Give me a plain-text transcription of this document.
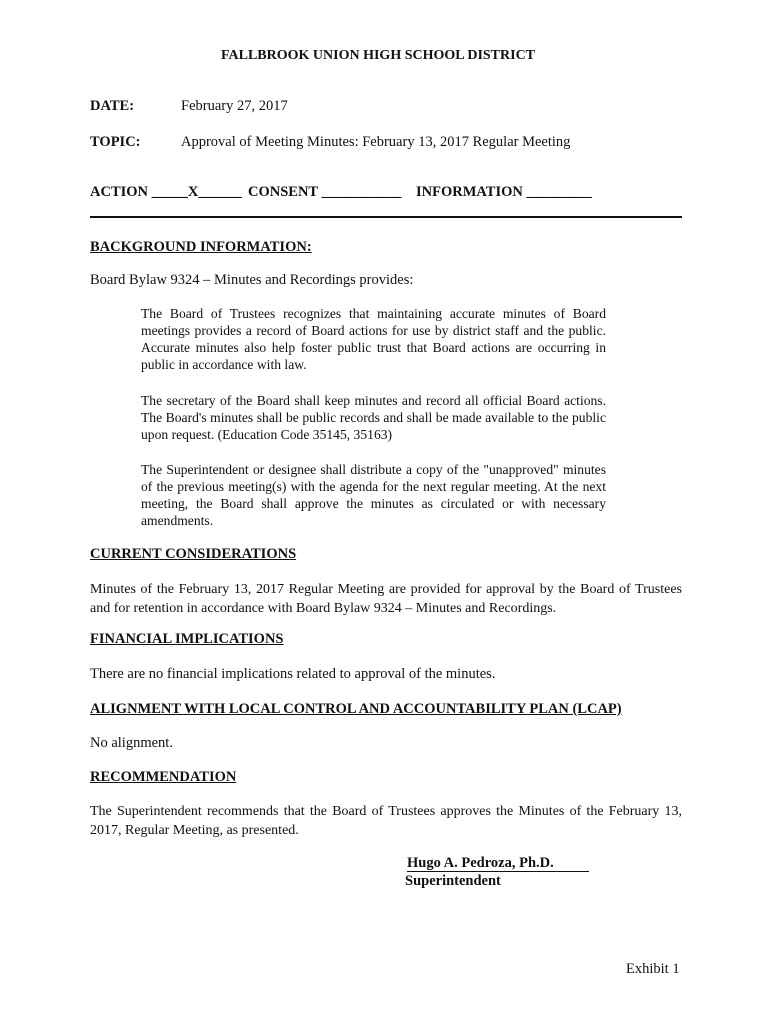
FALLBROOK UNION HIGH SCHOOL DISTRICT
DATE:	February 27, 2017
TOPIC:	Approval of Meeting Minutes: February 13, 2017 Regular Meeting
ACTION _____X______ CONSENT ___________ INFORMATION _________
BACKGROUND INFORMATION:
Board Bylaw 9324 – Minutes and Recordings provides:
The Board of Trustees recognizes that maintaining accurate minutes of Board meetings provides a record of Board actions for use by district staff and the public. Accurate minutes also help foster public trust that Board actions are occurring in public in accordance with law.
The secretary of the Board shall keep minutes and record all official Board actions. The Board's minutes shall be public records and shall be made available to the public upon request. (Education Code 35145, 35163)
The Superintendent or designee shall distribute a copy of the "unapproved" minutes of the previous meeting(s) with the agenda for the next regular meeting. At the next meeting, the Board shall approve the minutes as circulated or with necessary amendments.
CURRENT CONSIDERATIONS
Minutes of the February 13, 2017 Regular Meeting are provided for approval by the Board of Trustees and for retention in accordance with Board Bylaw 9324 – Minutes and Recordings.
FINANCIAL IMPLICATIONS
There are no financial implications related to approval of the minutes.
ALIGNMENT WITH LOCAL CONTROL AND ACCOUNTABILITY PLAN (LCAP)
No alignment.
RECOMMENDATION
The Superintendent recommends that the Board of Trustees approves the Minutes of the February 13, 2017, Regular Meeting, as presented.
Hugo A. Pedroza, Ph.D.
Superintendent
Exhibit 1
